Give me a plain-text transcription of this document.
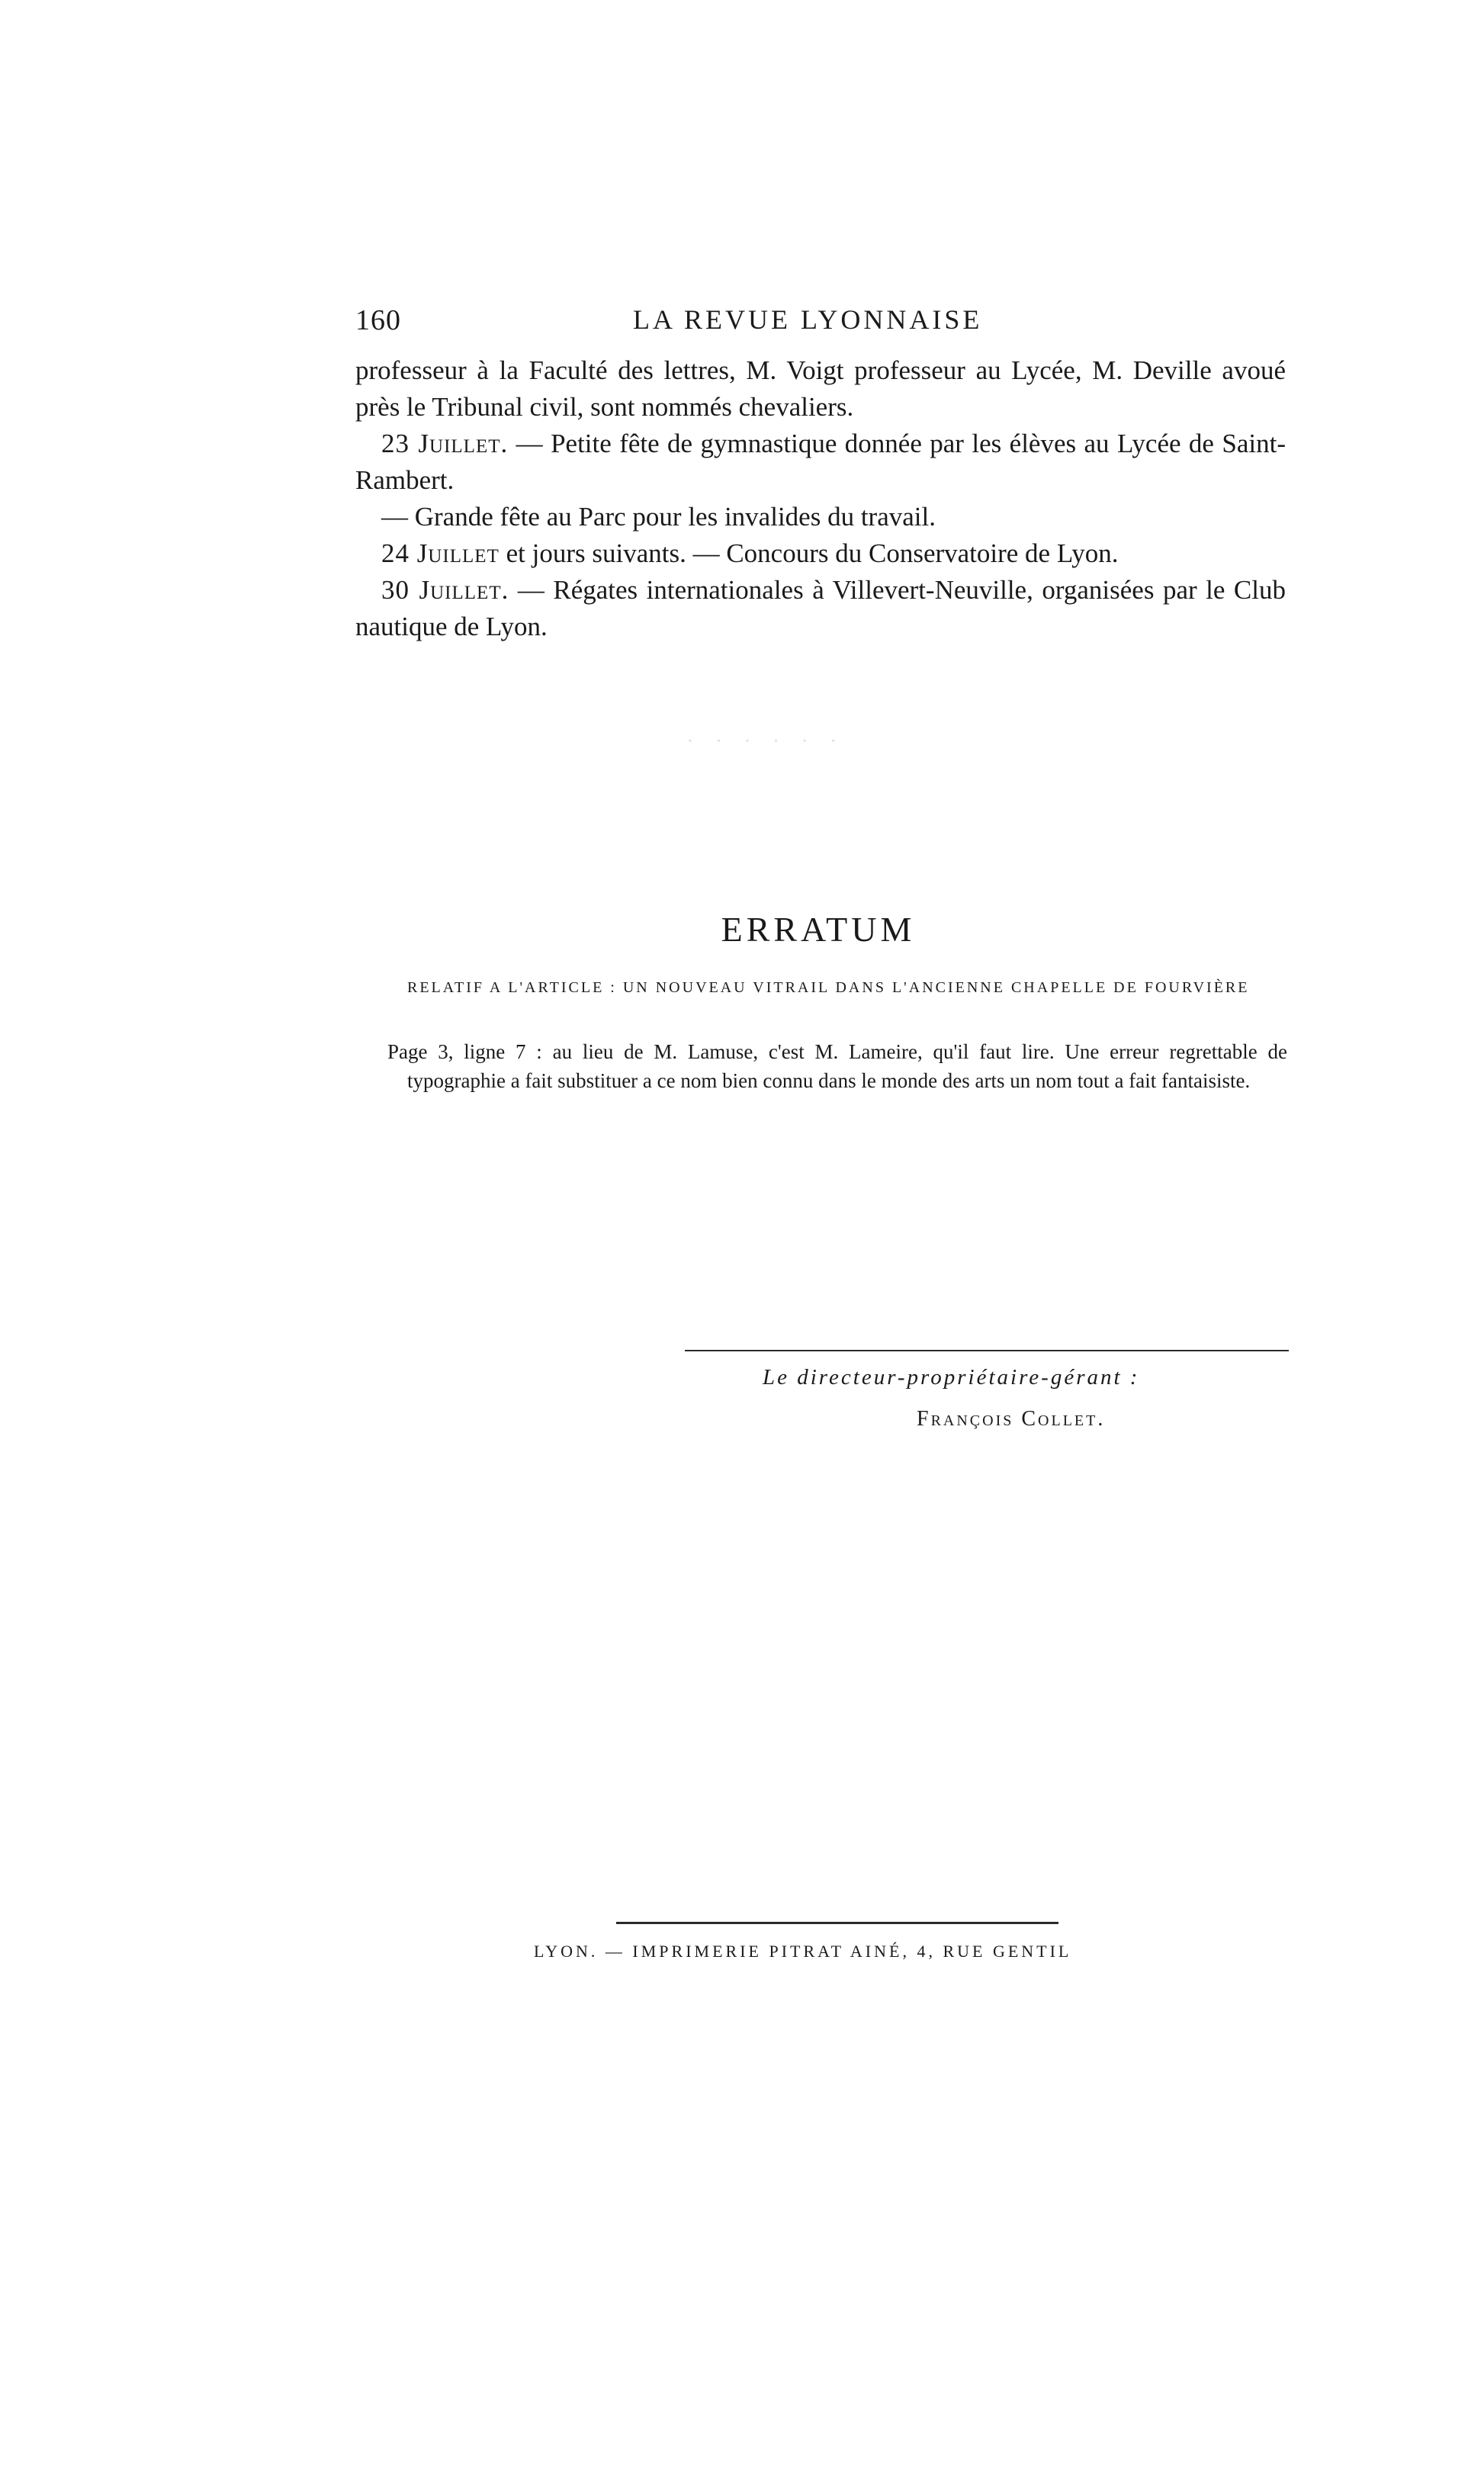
160	LA REVUE LYONNAISE

professeur à la Faculté des lettres, M. Voigt professeur au Lycée, M. Deville avoué près le Tribunal civil, sont nommés chevaliers.

23 Juillet. — Petite fête de gymnastique donnée par les élèves au Lycée de Saint-Rambert.

— Grande fête au Parc pour les invalides du travail.

24 Juillet et jours suivants. — Concours du Conservatoire de Lyon.

30 Juillet. — Régates internationales à Villevert-Neuville, organisées par le Club nautique de Lyon.

· · · · · ·
ERRATUM
RELATIF A L'ARTICLE : UN NOUVEAU VITRAIL DANS L'ANCIENNE CHAPELLE DE FOURVIÈRE

Page 3, ligne 7 : au lieu de M. Lamuse, c'est M. Lameire, qu'il faut lire. Une erreur regrettable de typographie a fait substituer a ce nom bien connu dans le monde des arts un nom tout a fait fantaisiste.

Le directeur-propriétaire-gérant :
François Collet.
LYON. — IMPRIMERIE PITRAT AINÉ, 4, RUE GENTIL
